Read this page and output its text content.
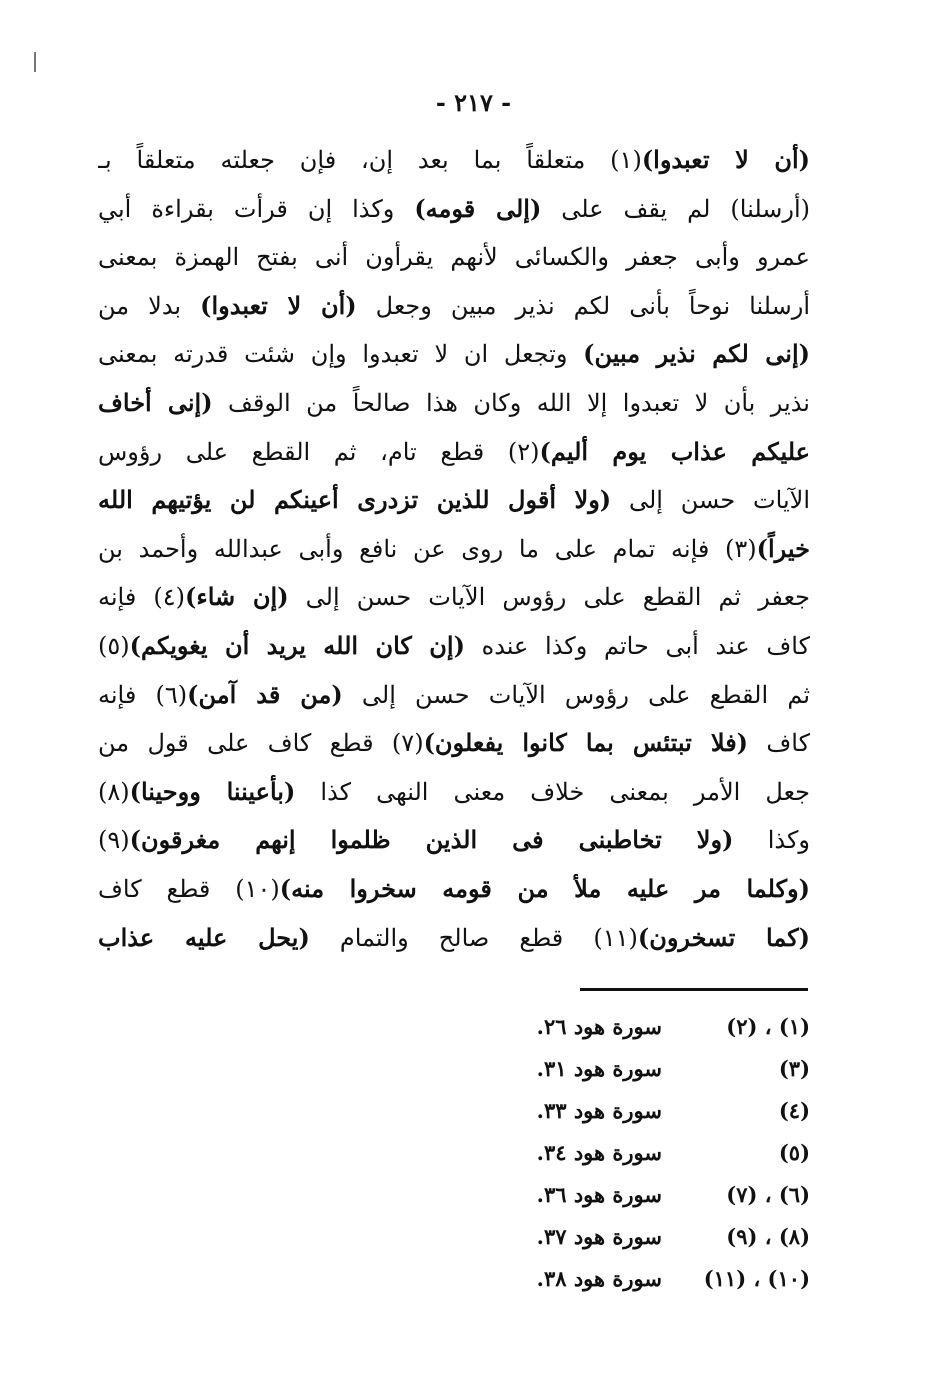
- ٢١٧ -
(أن لا تعبدوا)(١) متعلقاً بما بعد إن، فإن جعلته متعلقاً بـ
(أرسلنا) لم يقف على (إلى قومه) وكذا إن قرأت بقراءة أبي
عمرو وأبى جعفر والكسائى لأنهم يقرأون أنى بفتح الهمزة بمعنى
أرسلنا نوحاً بأنى لكم نذير مبين وجعل (أن لا تعبدوا) بدلا من
(إنى لكم نذير مبين) وتجعل ان لا تعبدوا وإن شئت قدرته بمعنى
نذير بأن لا تعبدوا إلا الله وكان هذا صالحاً من الوقف (إنى أخاف
عليكم عذاب يوم أليم)(٢) قطع تام، ثم القطع على رؤوس
الآيات حسن إلى (ولا أقول للذين تزدرى أعينكم لن يؤتيهم الله
خيراً)(٣) فإنه تمام على ما روى عن نافع وأبى عبدالله وأحمد بن
جعفر ثم القطع على رؤوس الآيات حسن إلى (إن شاء)(٤) فإنه
كاف عند أبى حاتم وكذا عنده (إن كان الله يريد أن يغويكم)(٥)
ثم القطع على رؤوس الآيات حسن إلى (من قد آمن)(٦) فإنه
كاف (فلا تبتئس بما كانوا يفعلون)(٧) قطع كاف على قول من
جعل الأمر بمعنى خلاف معنى النهى كذا (بأعيننا ووحينا)(٨)
وكذا (ولا تخاطبنى فى الذين ظلموا إنهم مغرقون)(٩)
(وكلما مر عليه ملأ من قومه سخروا منه)(١٠) قطع كاف
(كما تسخرون)(١١) قطع صالح والتمام (يحل عليه عذاب
(١) ، (٢)
سورة هود ٢٦.
(٣)
سورة هود ٣١.
(٤)
سورة هود ٣٣.
(٥)
سورة هود ٣٤.
(٦) ، (٧)
سورة هود ٣٦.
(٨) ، (٩)
سورة هود ٣٧.
(١٠) ، (١١)
سورة هود ٣٨.
